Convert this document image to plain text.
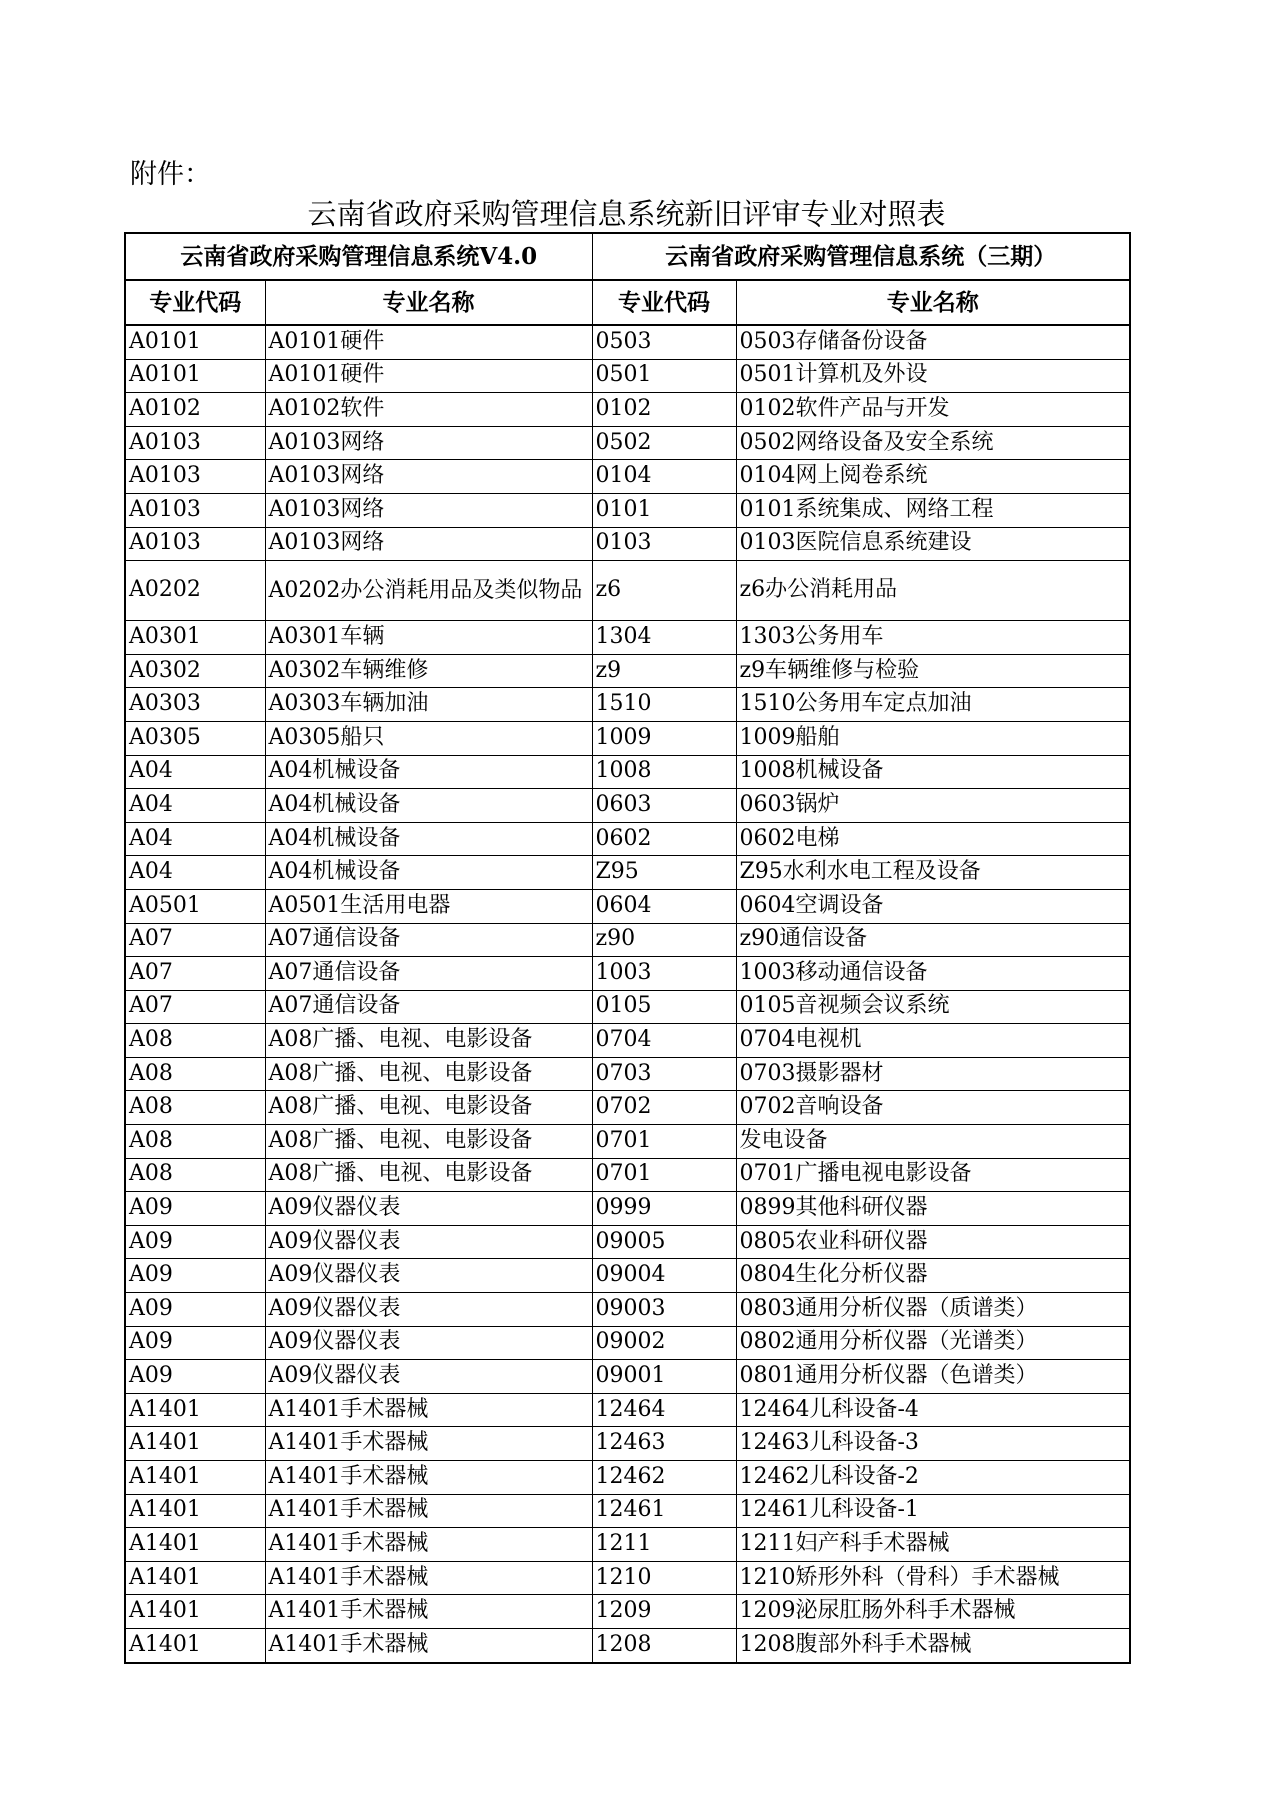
附件：
云南省政府采购管理信息系统新旧评审专业对照表
云南省政府采购管理信息系统V4.0		云南省政府采购管理信息系统（三期）	
专业代码	专业名称	专业代码	专业名称
A0101	A0101硬件	0503	0503存储备份设备
A0101	A0101硬件	0501	0501计算机及外设
A0102	A0102软件	0102	0102软件产品与开发
A0103	A0103网络	0502	0502网络设备及安全系统
A0103	A0103网络	0104	0104网上阅卷系统
A0103	A0103网络	0101	0101系统集成、网络工程
A0103	A0103网络	0103	0103医院信息系统建设
A0202	A0202办公消耗用品及类似物品	z6	z6办公消耗用品
A0301	A0301车辆	1304	1303公务用车
A0302	A0302车辆维修	z9	z9车辆维修与检验
A0303	A0303车辆加油	1510	1510公务用车定点加油
A0305	A0305船只	1009	1009船舶
A04	A04机械设备	1008	1008机械设备
A04	A04机械设备	0603	0603锅炉
A04	A04机械设备	0602	0602电梯
A04	A04机械设备	Z95	Z95水利水电工程及设备
A0501	A0501生活用电器	0604	0604空调设备
A07	A07通信设备	z90	z90通信设备
A07	A07通信设备	1003	1003移动通信设备
A07	A07通信设备	0105	0105音视频会议系统
A08	A08广播、电视、电影设备	0704	0704电视机
A08	A08广播、电视、电影设备	0703	0703摄影器材
A08	A08广播、电视、电影设备	0702	0702音响设备
A08	A08广播、电视、电影设备	0701	发电设备
A08	A08广播、电视、电影设备	0701	0701广播电视电影设备
A09	A09仪器仪表	0999	0899其他科研仪器
A09	A09仪器仪表	09005	0805农业科研仪器
A09	A09仪器仪表	09004	0804生化分析仪器
A09	A09仪器仪表	09003	0803通用分析仪器（质谱类）
A09	A09仪器仪表	09002	0802通用分析仪器（光谱类）
A09	A09仪器仪表	09001	0801通用分析仪器（色谱类）
A1401	A1401手术器械	12464	12464儿科设备-4
A1401	A1401手术器械	12463	12463儿科设备-3
A1401	A1401手术器械	12462	12462儿科设备-2
A1401	A1401手术器械	12461	12461儿科设备-1
A1401	A1401手术器械	1211	1211妇产科手术器械
A1401	A1401手术器械	1210	1210矫形外科（骨科）手术器械
A1401	A1401手术器械	1209	1209泌尿肛肠外科手术器械
A1401	A1401手术器械	1208	1208腹部外科手术器械
